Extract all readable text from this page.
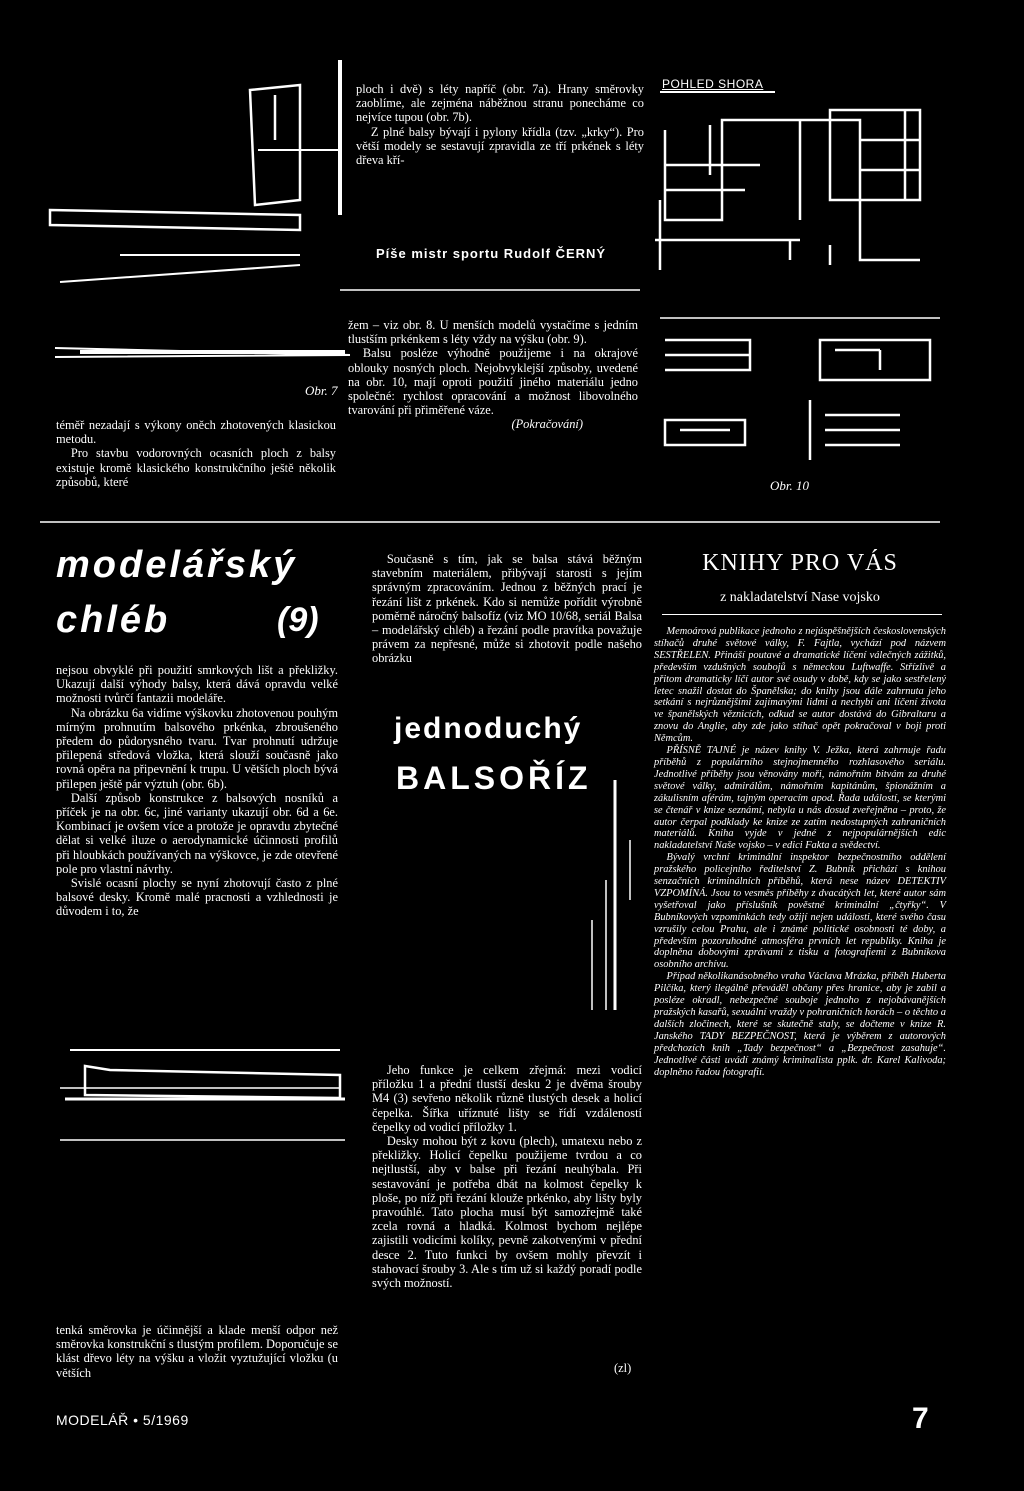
ploch i dvě) s léty napříč (obr. 7a). Hrany směrovky zaoblíme, ale zejména náběžnou stranu ponecháme co nejvíce tupou (obr. 7b).

Z plné balsy bývají i pylony křídla (tzv. „krky“). Pro větší modely se sestavují zpravidla ze tří prkének s léty dřeva kří-

POHLED SHORA
Píše mistr sportu Rudolf ČERNÝ
Obr. 7

téměř nezadají s výkony oněch zhotovených klasickou metodu.

Pro stavbu vodorovných ocasních ploch z balsy existuje kromě klasického konstrukčního ještě několik způsobů, které

žem – viz obr. 8. U menších modelů vystačíme s jedním tlustším prkénkem s léty vždy na výšku (obr. 9).

Balsu posléze výhodně použijeme i na okrajové oblouky nosných ploch. Nejobvyklejší způsoby, uvedené na obr. 10, mají oproti použití jiného materiálu jedno společné: rychlost opracování a možnost libovolného tvarování při přiměřené váze.

(Pokračování)

Obr. 10
modelářský
chléb	(9)

nejsou obvyklé při použití smrkových lišt a překližky. Ukazují další výhody balsy, která dává opravdu velké možnosti tvůrčí fantazii modeláře.

Na obrázku 6a vidíme výškovku zhotovenou pouhým mírným prohnutím balsového prkénka, zbroušeného předem do půdorysného tvaru. Tvar prohnutí udržuje přilepená středová vložka, která slouží současně jako rovná opěra na připevnění k trupu. U větších ploch bývá přilepen ještě pár výztuh (obr. 6b).

Další způsob konstrukce z balsových nosníků a příček je na obr. 6c, jiné varianty ukazují obr. 6d a 6e. Kombinací je ovšem více a protože je opravdu zbytečné dělat si velké iluze o aerodynamické účinnosti profilů při hloubkách používaných na výškovce, je zde otevřené pole pro vlastní návrhy.

Svislé ocasní plochy se nyní zhotovují často z plné balsové desky. Kromě malé pracnosti a vzhlednosti je důvodem i to, že

tenká směrovka je účinnější a klade menší odpor než směrovka konstrukční s tlustým profilem. Doporučuje se klást dřevo léty na výšku a vložit vyztužující vložku (u větších

Současně s tím, jak se balsa stává běžným stavebním materiálem, přibývají starosti s jejím správným zpracováním. Jednou z běžných prací je řezání lišt z prkének. Kdo si nemůže pořídit výrobně poměrně náročný balsofíz (viz MO 10/68, seriál Balsa – modelářský chléb) a řezání podle pravítka považuje právem za nepřesné, může si zhotovit podle našeho obrázku

jednoduchý
BALSOŘÍZ

Jeho funkce je celkem zřejmá: mezi vodicí příložku 1 a přední tlustší desku 2 je dvěma šrouby M4 (3) sevřeno několik různě tlustých desek a holicí čepelka. Šířka uříznuté lišty se řídí vzdáleností čepelky od vodicí příložky 1.

Desky mohou být z kovu (plech), umatexu nebo z překližky. Holicí čepelku použijeme tvrdou a co nejtlustší, aby v balse při řezání neuhýbala. Při sestavování je potřeba dbát na kolmost čepelky k ploše, po níž při řezání klouže prkénko, aby lišty byly pravoúhlé. Tato plocha musí být samozřejmě také zcela rovná a hladká. Kolmost bychom nejlépe zajistili vodicími kolíky, pevně zakotvenými v přední desce 2. Tuto funkci by ovšem mohly převzít i stahovací šrouby 3. Ale s tím už si každý poradí podle svých možností.

(zl)
KNIHY PRO VÁS
z nakladatelství Nase vojsko

Memoárová publikace jednoho z nejúspěšnějších československých stíhačů druhé světové války, F. Fajtla, vychází pod názvem SESTŘELEN. Přináší poutavé a dramatické líčení válečných zážitků, především vzdušných soubojů s německou Luftwaffe. Střízlivě a přitom dramaticky líčí autor své osudy v době, kdy se jako sestřelený letec snažil dostat do Španělska; do knihy jsou dále zahrnuta jeho setkání s nejrůznějšími zajímavými lidmi a nechybí ani líčení života ve španělských věznicích, odkud se autor dostává do Gibraltaru a znovu do Anglie, aby zde jako stíhač opět pokračoval v boji proti Němcům.

PŘÍSNĚ TAJNÉ je název knihy V. Ježka, která zahrnuje řadu příběhů z populárního stejnojmenného rozhlasového seriálu. Jednotlivé příběhy jsou věnovány moři, námořním bitvám za druhé světové války, admirálům, námořním kapitánům, špionážním a zákulisním aférám, tajným operacím apod. Řada událostí, se kterými se čtenář v knize seznámí, nebyla u nás dosud zveřejněna – proto, že autor čerpal podklady ke knize ze zatím nedostupných zahraničních materiálů. Kniha vyjde v jedné z nejpopulárnějších edic nakladatelství Naše vojsko – v edici Fakta a svědectví.

Bývalý vrchní kriminální inspektor bezpečnostního oddělení pražského policejního ředitelství Z. Bubník přichází s knihou senzačních kriminálních příběhů, která nese název DETEKTIV VZPOMÍNÁ. Jsou to vesměs příběhy z dvacátých let, které autor sám vyšetřoval jako příslušník pověstné kriminální „čtyřky“. V Bubníkových vzpomínkách tedy ožijí nejen události, které svého času vzrušily celou Prahu, ale i známé politické osobnosti té doby, a především pozoruhodné atmosféra prvních let republiky. Kniha je doplněna dobovými zprávami z tisku a fotografiemi z Bubníkova osobního archívu.

Případ několikanásobného vraha Václava Mrázka, příběh Huberta Pilčíka, který ilegálně převáděl občany přes hranice, aby je zabil a posléze okradl, nebezpečné souboje jednoho z nejobávanějších pražských kasařů, sexuální vraždy v pohraničních horách – o těchto a dalších zločinech, které se skutečně staly, se dočteme v knize R. Janského TADY BEZPEČNOST, která je výběrem z autorových předchozích knih „Tady bezpečnost“ a „Bezpečnost zasahuje“. Jednotlivé části uvádí známý kriminalista pplk. dr. Karel Kalivoda; doplněno řadou fotografií.

MODELÁŘ • 5/1969	7
